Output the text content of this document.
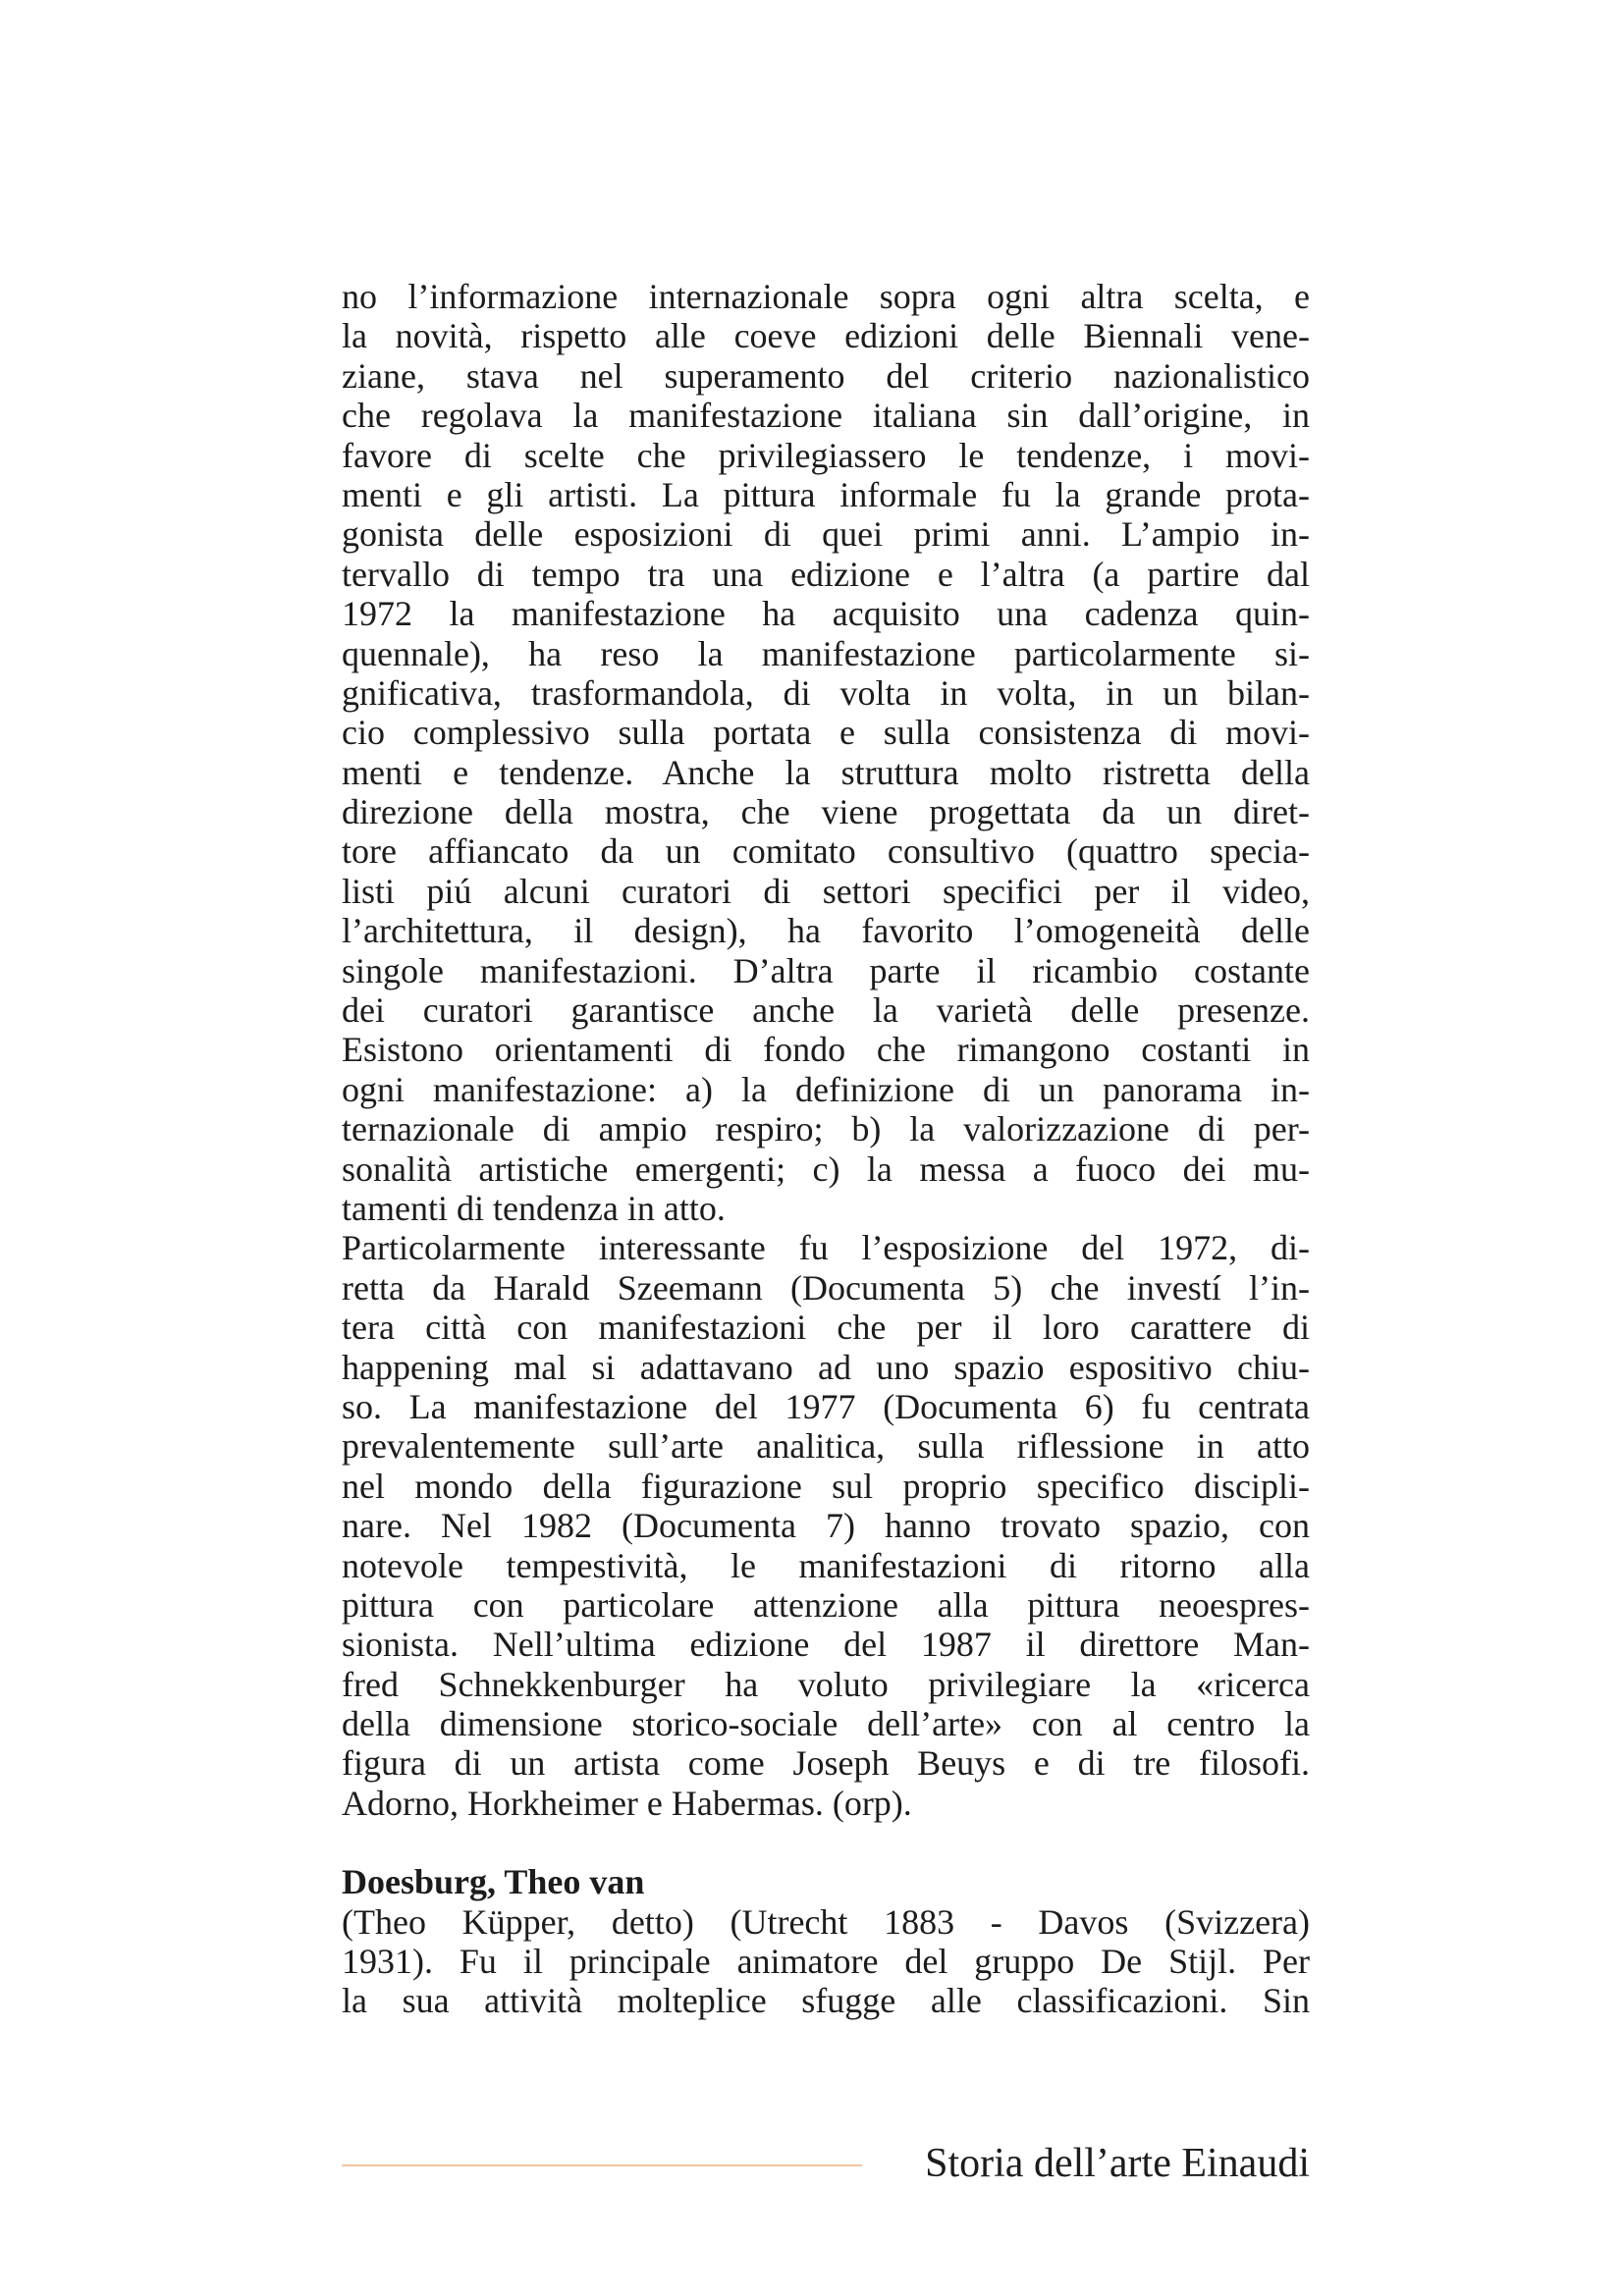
no l’informazione internazionale sopra ogni altra scelta, e
la novità, rispetto alle coeve edizioni delle Biennali vene-
ziane, stava nel superamento del criterio nazionalistico
che regolava la manifestazione italiana sin dall’origine, in
favore di scelte che privilegiassero le tendenze, i movi-
menti e gli artisti. La pittura informale fu la grande prota-
gonista delle esposizioni di quei primi anni. L’ampio in-
tervallo di tempo tra una edizione e l’altra (a partire dal
1972 la manifestazione ha acquisito una cadenza quin-
quennale), ha reso la manifestazione particolarmente si-
gnificativa, trasformandola, di volta in volta, in un bilan-
cio complessivo sulla portata e sulla consistenza di movi-
menti e tendenze. Anche la struttura molto ristretta della
direzione della mostra, che viene progettata da un diret-
tore affiancato da un comitato consultivo (quattro specia-
listi piú alcuni curatori di settori specifici per il video,
l’architettura, il design), ha favorito l’omogeneità delle
singole manifestazioni. D’altra parte il ricambio costante
dei curatori garantisce anche la varietà delle presenze.
Esistono orientamenti di fondo che rimangono costanti in
ogni manifestazione: a) la definizione di un panorama in-
ternazionale di ampio respiro; b) la valorizzazione di per-
sonalità artistiche emergenti; c) la messa a fuoco dei mu-
tamenti di tendenza in atto.
Particolarmente interessante fu l’esposizione del 1972, di-
retta da Harald Szeemann (Documenta 5) che investí l’in-
tera città con manifestazioni che per il loro carattere di
happening mal si adattavano ad uno spazio espositivo chiu-
so. La manifestazione del 1977 (Documenta 6) fu centrata
prevalentemente sull’arte analitica, sulla riflessione in atto
nel mondo della figurazione sul proprio specifico discipli-
nare. Nel 1982 (Documenta 7) hanno trovato spazio, con
notevole tempestività, le manifestazioni di ritorno alla
pittura con particolare attenzione alla pittura neoespres-
sionista. Nell’ultima edizione del 1987 il direttore Man-
fred Schnekkenburger ha voluto privilegiare la «ricerca
della dimensione storico-sociale dell’arte» con al centro la
figura di un artista come Joseph Beuys e di tre filosofi.
Adorno, Horkheimer e Habermas. (orp).
Doesburg, Theo van
(Theo Küpper, detto) (Utrecht 1883 - Davos (Svizzera)
1931). Fu il principale animatore del gruppo De Stijl. Per
la sua attività molteplice sfugge alle classificazioni. Sin
Storia dell’arte Einaudi
